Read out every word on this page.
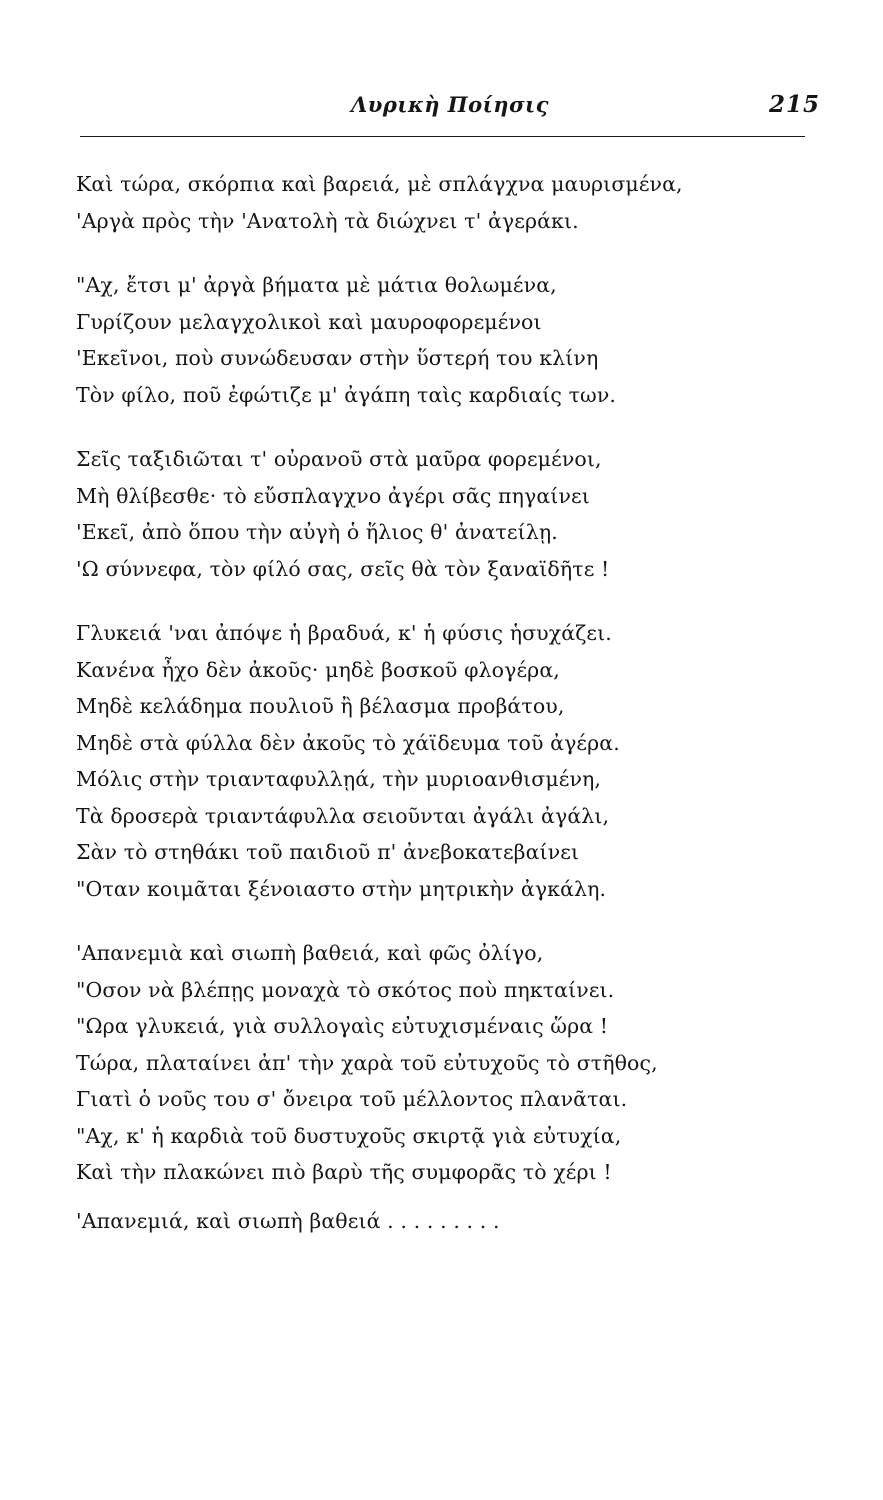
Λυρικὴ Ποίησις	215
Καὶ τώρα, σκόρπια καὶ βαρειά, μὲ σπλάγχνα μαυρισμένα,
'Αργὰ πρὸς τὴν 'Ανατολὴ τὰ διώχνει τ' ἀγεράκι.
"Αχ, ἔτσι μ' ἀργὰ βήματα μὲ μάτια θολωμένα,
Γυρίζουν μελαγχολικοὶ καὶ μαυροφορεμένοι
'Εκεῖνοι, ποὺ συνώδευσαν στὴν ὕστερή του κλίνη
Τὸν φίλο, ποῦ ἐφώτιζε μ' ἀγάπη ταὶς καρδιαίς των.
Σεῖς ταξιδιῶται τ' οὐρανοῦ στὰ μαῦρα φορεμένοι,
Μὴ θλίβεσθε· τὸ εὔσπλαγχνο ἀγέρι σᾶς πηγαίνει
'Εκεῖ, ἀπὸ ὅπου τὴν αὐγὴ ὁ ἥλιος θ' ἀνατείλῃ.
'Ω σύννεφα, τὸν φίλό σας, σεῖς θὰ τὸν ξαναϊδῆτε !
Γλυκειά 'ναι ἀπόψε ἡ βραδυά, κ' ἡ φύσις ἡσυχάζει.
Κανένα ἦχο δὲν ἀκοῦς· μηδὲ βοσκοῦ φλογέρα,
Μηδὲ κελάδημα πουλιοῦ ἢ βέλασμα προβάτου,
Μηδὲ στὰ φύλλα δὲν ἀκοῦς τὸ χάϊδευμα τοῦ ἀγέρα.
Μόλις στὴν τριανταφυλλῃά, τὴν μυριοανθισμένη,
Τὰ δροσερὰ τριαντάφυλλα σειοῦνται ἀγάλι ἀγάλι,
Σὰν τὸ στηθάκι τοῦ παιδιοῦ π' ἀνεβοκατεβαίνει
"Οταν κοιμᾶται ξένοιαστο στὴν μητρικὴν ἀγκάλη.
'Απανεμιὰ καὶ σιωπὴ βαθειά, καὶ φῶς ὀλίγο,
"Οσον νὰ βλέπῃς μοναχὰ τὸ σκότος ποὺ πηκταίνει.
"Ωρα γλυκειά, γιὰ συλλογαὶς εὐτυχισμέναις ὥρα !
Τώρα, πλαταίνει ἀπ' τὴν χαρὰ τοῦ εὐτυχοῦς τὸ στῆθος,
Γιατὶ ὁ νοῦς του σ' ὄνειρα τοῦ μέλλοντος πλανᾶται.
"Αχ, κ' ἡ καρδιὰ τοῦ δυστυχοῦς σκιρτᾷ γιὰ εὐτυχία,
Καὶ τὴν πλακώνει πιὸ βαρὺ τῆς συμφορᾶς τὸ χέρι !
'Απανεμιά, καὶ σιωπὴ βαθειά . . . . . . . . .
